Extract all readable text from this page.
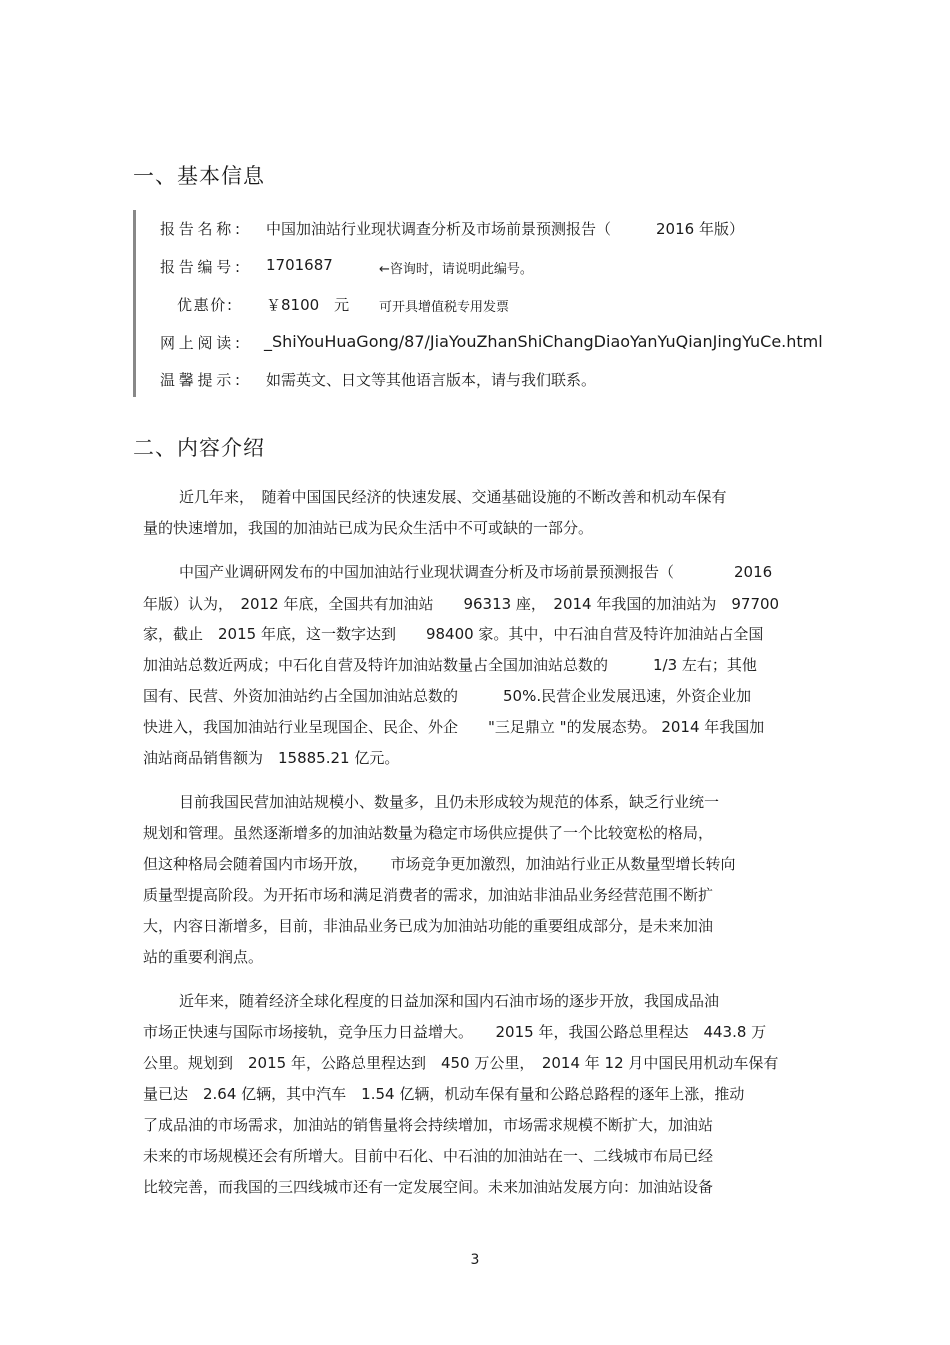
一、基本信息
报告名称: 中国加油站行业现状调查分析及市场前景预测报告（　　　2016 年版）
报告编号: 1701687	←咨询时，请说明此编号。
优惠价: ￥8100　元 可开具增值税专用发票
网上阅读: _ShiYouHuaGong/87/JiaYouZhanShiChangDiaoYanYuQianJingYuCe.html
温馨提示: 如需英文、日文等其他语言版本，请与我们联系。
二、内容介绍
近几年来，　随着中国国民经济的快速发展、交通基础设施的不断改善和机动车保有
量的快速增加，我国的加油站已成为民众生活中不可或缺的一部分。
中国产业调研网发布的中国加油站行业现状调查分析及市场前景预测报告（　　　　2016
年版）认为，　2012 年底，全国共有加油站　　96313 座，　2014 年我国的加油站为　97700
家，截止　2015 年底，这一数字达到　　98400 家。其中，中石油自营及特许加油站占全国
加油站总数近两成；中石化自营及特许加油站数量占全国加油站总数的　　　1/3 左右；其他
国有、民营、外资加油站约占全国加油站总数的　　　50%.民营企业发展迅速，外资企业加
快进入，我国加油站行业呈现国企、民企、外企　　"三足鼎立 "的发展态势。 2014 年我国加
油站商品销售额为　15885.21 亿元。
目前我国民营加油站规模小、数量多，且仍未形成较为规范的体系，缺乏行业统一
规划和管理。虽然逐渐增多的加油站数量为稳定市场供应提供了一个比较宽松的格局，
但这种格局会随着国内市场开放，　　市场竞争更加激烈，加油站行业正从数量型增长转向
质量型提高阶段。为开拓市场和满足消费者的需求，加油站非油品业务经营范围不断扩
大，内容日渐增多，目前，非油品业务已成为加油站功能的重要组成部分，是未来加油
站的重要利润点。
近年来，随着经济全球化程度的日益加深和国内石油市场的逐步开放，我国成品油
市场正快速与国际市场接轨，竞争压力日益增大。　　2015 年，我国公路总里程达　443.8 万
公里。规划到　2015 年，公路总里程达到　450 万公里，　2014 年 12 月中国民用机动车保有
量已达　2.64 亿辆，其中汽车　1.54 亿辆，机动车保有量和公路总路程的逐年上涨，推动
了成品油的市场需求，加油站的销售量将会持续增加，市场需求规模不断扩大，加油站
未来的市场规模还会有所增大。目前中石化、中石油的加油站在一、二线城市布局已经
比较完善，而我国的三四线城市还有一定发展空间。未来加油站发展方向：加油站设备
3
